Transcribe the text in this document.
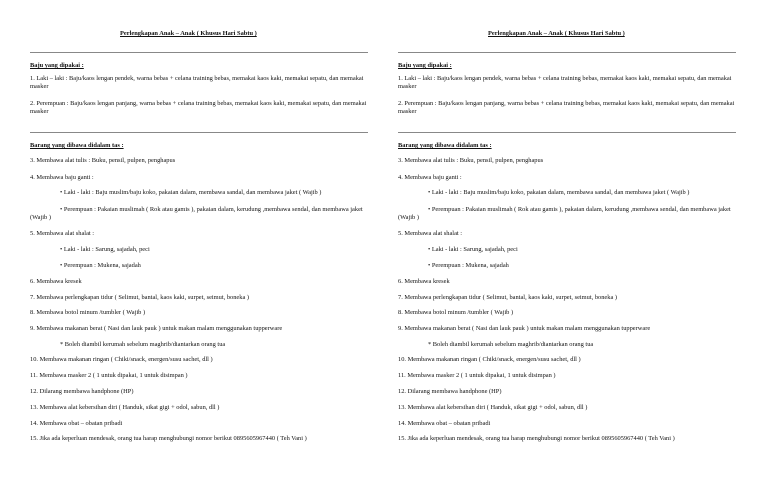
Perlengkapan Anak – Anak ( Khusus Hari Sabtu )
Baju yang dipakai :
1. Laki – laki : Baju/kaos lengan pendek, warna bebas + celana training bebas, memakai kaos kaki, memakai sepatu, dan memakai masker
2. Perempuan : Baju/kaos lengan panjang, warna bebas + celana training bebas, memakai kaos kaki, memakai sepatu, dan memakai masker
Barang yang dibawa didalam tas :
3. Membawa alat tulis : Buku, pensil, pulpen, penghapus
4. Membawa baju ganti :
• Laki - laki : Baju muslim/baju koko, pakaian dalam, membawa sandal, dan membawa jaket ( Wajib )
• Perempuan : Pakaian muslimah ( Rok atau gamis ), pakaian dalam, kerudung ,membawa sendal, dan membawa jaket (Wajib )
5. Membawa alat shalat :
• Laki - laki : Sarung, sajadah, peci
• Perempuan : Mukena, sajadah
6. Membawa kresek
7. Membawa perlengkapan tidur ( Selimut, bantal, kaos kaki, surpet, seimut, boneka )
8. Membawa botol minum /tumbler ( Wajib )
9. Membawa makanan berat ( Nasi dan lauk pauk ) untuk makan malam menggunakan tupperware
* Boleh diambil kerumah sebelum maghrib/diantarkan orang tua
10. Membawa makanan ringan ( Chiki/snack, energen/susu sachet, dll )
11. Membawa masker 2 ( 1 untuk dipakai, 1 untuk disimpan )
12. Dilarang membawa handphone (HP)
13. Membawa alat kebersihan diri ( Handuk, sikat gigi + odol, sabun, dll )
14. Membawa obat – obatan pribadi
15. Jika ada keperluan mendesak, orang tua harap menghubungi nomor berikut 0895605967440 ( Teh Vani )
Perlengkapan Anak – Anak ( Khusus Hari Sabtu )
Baju yang dipakai :
1. Laki – laki : Baju/kaos lengan pendek, warna bebas + celana training bebas, memakai kaos kaki, memakai sepatu, dan memakai masker
2. Perempuan : Baju/kaos lengan panjang, warna bebas + celana training bebas, memakai kaos kaki, memakai sepatu, dan memakai masker
Barang yang dibawa didalam tas :
3. Membawa alat tulis : Buku, pensil, pulpen, penghapus
4. Membawa baju ganti :
• Laki - laki : Baju muslim/baju koko, pakaian dalam, membawa sandal, dan membawa jaket ( Wajib )
• Perempuan : Pakaian muslimah ( Rok atau gamis ), pakaian dalam, kerudung ,membawa sendal, dan membawa jaket (Wajib )
5. Membawa alat shalat :
• Laki - laki : Sarung, sajadah, peci
• Perempuan : Mukena, sajadah
6. Membawa kresek
7. Membawa perlengkapan tidur ( Selimut, bantal, kaos kaki, surpet, seimut, boneka )
8. Membawa botol minum /tumbler ( Wajib )
9. Membawa makanan berat ( Nasi dan lauk pauk ) untuk makan malam menggunakan tupperware
* Boleh diambil kerumah sebelum maghrib/diantarkan orang tua
10. Membawa makanan ringan ( Chiki/snack, energen/susu sachet, dll )
11. Membawa masker 2 ( 1 untuk dipakai, 1 untuk disimpan )
12. Dilarang membawa handphone (HP)
13. Membawa alat kebersihan diri ( Handuk, sikat gigi + odol, sabun, dll )
14. Membawa obat – obatan pribadi
15. Jika ada keperluan mendesak, orang tua harap menghubungi nomor berikut 0895605967440 ( Teh Vani )
